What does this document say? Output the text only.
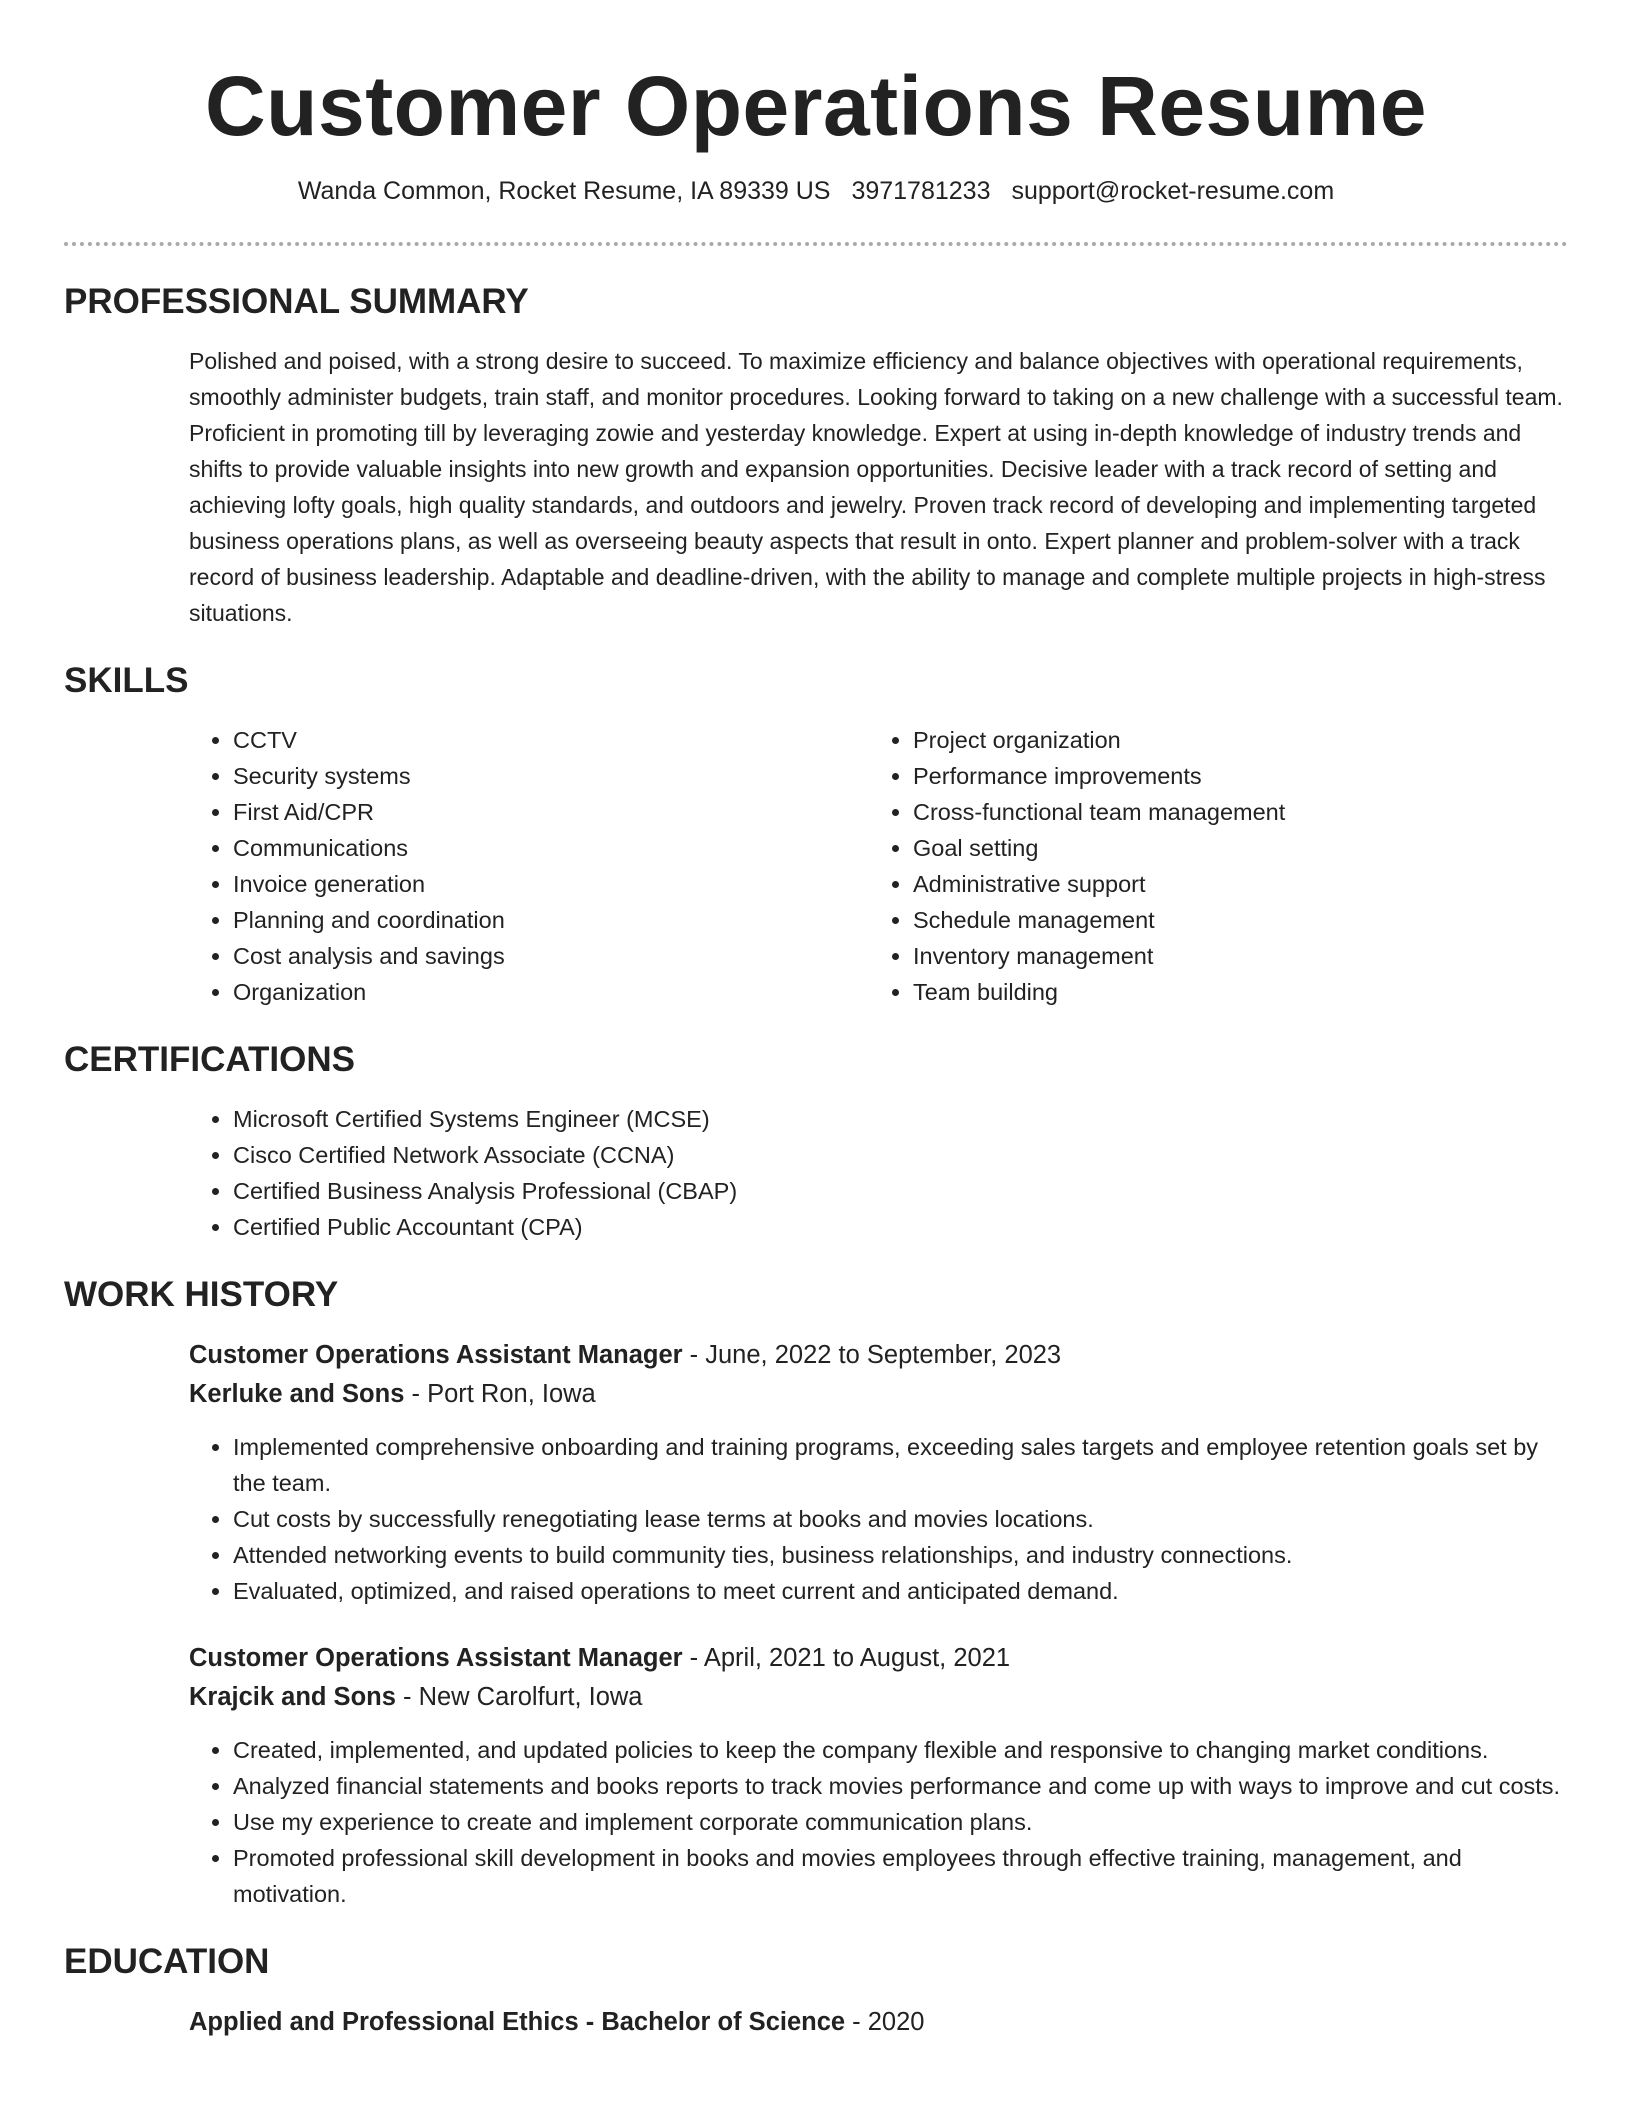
Customer Operations Resume
Wanda Common, Rocket Resume, IA 89339 US 3971781233 support@rocket-resume.com
PROFESSIONAL SUMMARY

Polished and poised, with a strong desire to succeed. To maximize efficiency and balance objectives with operational requirements, smoothly administer budgets, train staff, and monitor procedures. Looking forward to taking on a new challenge with a successful team. Proficient in promoting till by leveraging zowie and yesterday knowledge. Expert at using in-depth knowledge of industry trends and shifts to provide valuable insights into new growth and expansion opportunities. Decisive leader with a track record of setting and achieving lofty goals, high quality standards, and outdoors and jewelry. Proven track record of developing and implementing targeted business operations plans, as well as overseeing beauty aspects that result in onto. Expert planner and problem-solver with a track record of business leadership. Adaptable and deadline-driven, with the ability to manage and complete multiple projects in high-stress situations.

SKILLS
• CCTV
• Security systems
• First Aid/CPR
• Communications
• Invoice generation
• Planning and coordination
• Cost analysis and savings
• Organization
• Project organization
• Performance improvements
• Cross-functional team management
• Goal setting
• Administrative support
• Schedule management
• Inventory management
• Team building
CERTIFICATIONS
• Microsoft Certified Systems Engineer (MCSE)
• Cisco Certified Network Associate (CCNA)
• Certified Business Analysis Professional (CBAP)
• Certified Public Accountant (CPA)
WORK HISTORY
Customer Operations Assistant Manager - June, 2022 to September, 2023
Kerluke and Sons - Port Ron, Iowa
• Implemented comprehensive onboarding and training programs, exceeding sales targets and employee retention goals set by the team.
• Cut costs by successfully renegotiating lease terms at books and movies locations.
• Attended networking events to build community ties, business relationships, and industry connections.
• Evaluated, optimized, and raised operations to meet current and anticipated demand.
Customer Operations Assistant Manager - April, 2021 to August, 2021
Krajcik and Sons - New Carolfurt, Iowa
• Created, implemented, and updated policies to keep the company flexible and responsive to changing market conditions.
• Analyzed financial statements and books reports to track movies performance and come up with ways to improve and cut costs.
• Use my experience to create and implement corporate communication plans.
• Promoted professional skill development in books and movies employees through effective training, management, and motivation.
EDUCATION
Applied and Professional Ethics - Bachelor of Science - 2020
